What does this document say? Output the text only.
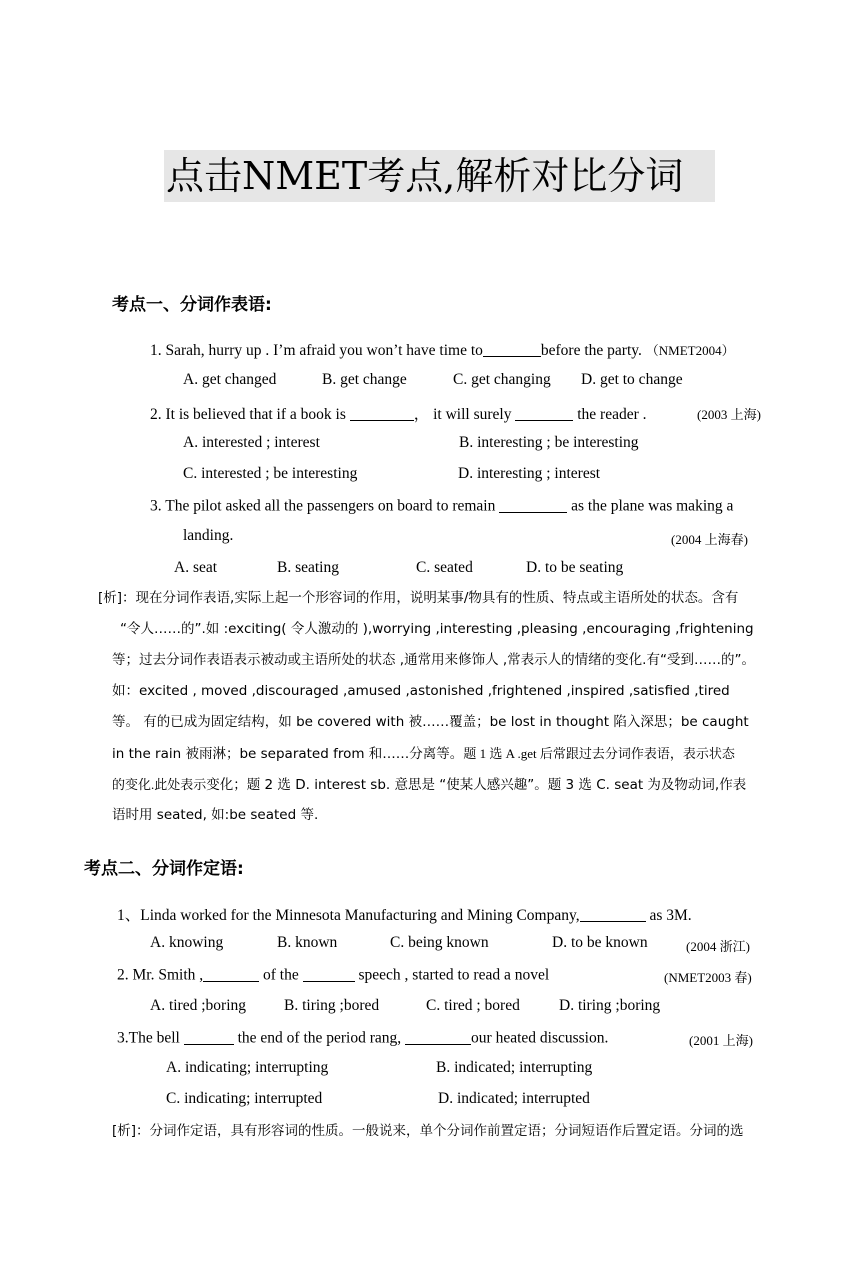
点击NMET考点,解析对比分词
考点一、分词作表语:
1. Sarah, hurry up . I’m afraid you won’t have time to	before the party. （NMET2004）
A. get changed	B. get change	C. get changing D. get to change
2. It is believed that if a book is	， it will surely	the reader .	(2003 上海)
A. interested ; interest	B. interesting ; be interesting
C. interested ; be interesting	D. interesting ; interest
3. The pilot asked all the passengers on board to remain	as the plane was making a
landing.	(2004 上海春)
A. seat	B. seating	C. seated	D. to be seating
[析]：现在分词作表语,实际上起一个形容词的作用，说明某事/物具有的性质、特点或主语所处的状态。含有
“令人……的”.如 :exciting( 令人激动的 ),worrying ,interesting ,pleasing ,encouraging ,frightening
等；过去分词作表语表示被动或主语所处的状态 ,通常用来修饰人 ,常表示人的情绪的变化.有“受到……的”。
如：excited , moved ,discouraged ,amused ,astonished ,frightened ,inspired ,satisfied ,tired
等。 有的已成为固定结构，如 be covered with 被……覆盖；be lost in thought 陷入深思；be caught
in the rain 被雨淋；be separated from 和……分离等。题 1 选 A .get 后常跟过去分词作表语，表示状态
的变化.此处表示变化；题 2 选 D. interest sb. 意思是 “使某人感兴趣”。题 3 选 C. seat 为及物动词,作表
语时用 seated, 如:be seated 等.
考点二、分词作定语:
1、Linda worked for the Minnesota Manufacturing and Mining Company,	as 3M.
A. knowing	B. known	C. being known	D. to be known	(2004 浙江)
2. Mr. Smith ,	of the	speech , started to read a novel	(NMET2003 春)
A. tired ;boring B. tiring ;bored	C. tired ; bored	D. tiring ;boring
3.The bell	the end of the period rang,	our heated discussion.	(2001 上海)
A. indicating; interrupting	B. indicated; interrupting
C. indicating; interrupted	D. indicated; interrupted
[析]：分词作定语，具有形容词的性质。一般说来，单个分词作前置定语；分词短语作后置定语。分词的选
